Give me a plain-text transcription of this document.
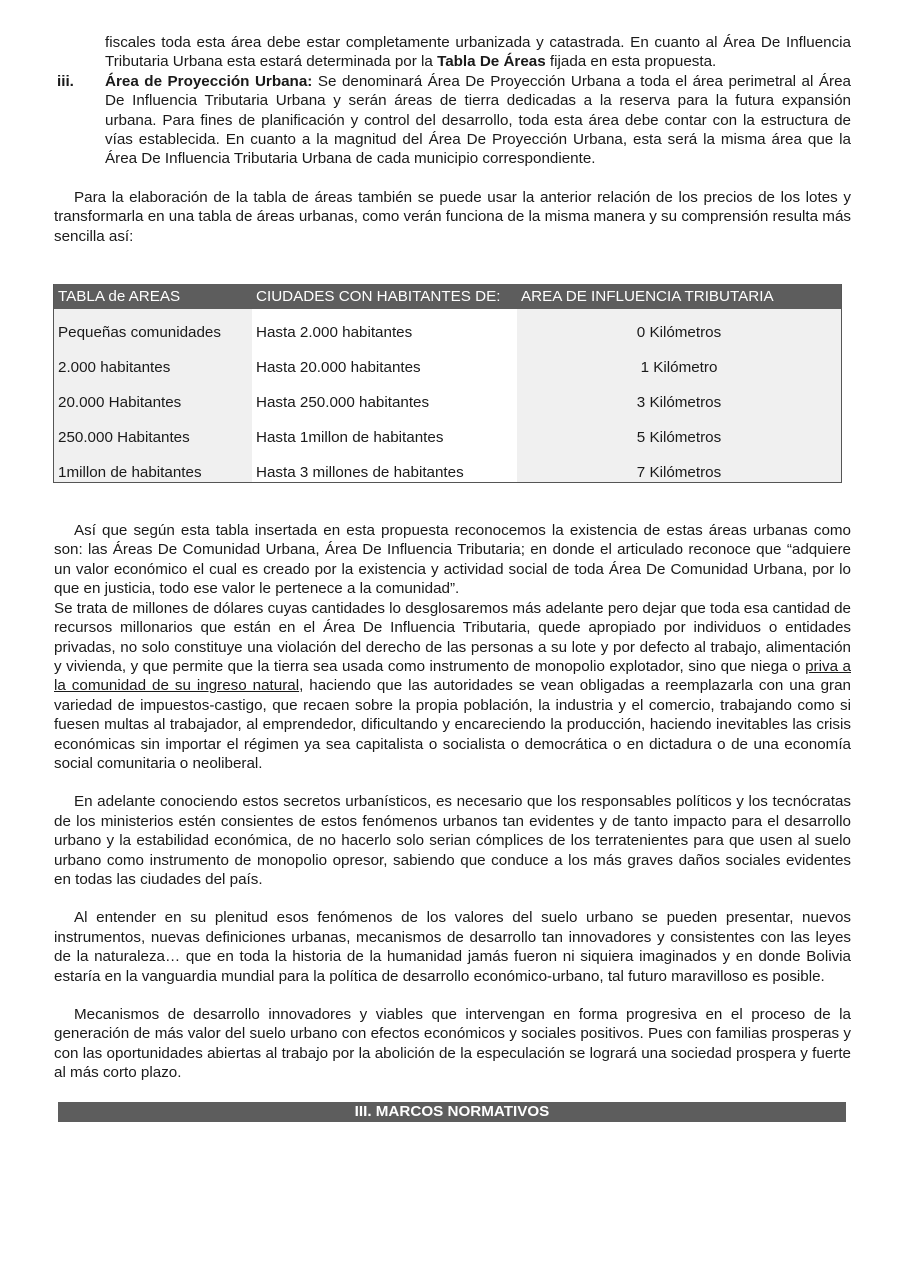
fiscales toda esta área debe estar completamente urbanizada y catastrada. En cuanto al Área De Influencia Tributaria Urbana esta estará determinada por la Tabla De Áreas fijada en esta propuesta.

iii. Área de Proyección Urbana: Se denominará Área De Proyección Urbana a toda el área perimetral al Área De Influencia Tributaria Urbana y serán áreas de tierra dedicadas a la reserva para la futura expansión urbana. Para fines de planificación y control del desarrollo, toda esta área debe contar con la estructura de vías establecida. En cuanto a la magnitud del Área De Proyección Urbana, esta será la misma área que la Área De Influencia Tributaria Urbana de cada municipio correspondiente.

Para la elaboración de la tabla de áreas también se puede usar la anterior relación de los precios de los lotes y transformarla en una tabla de áreas urbanas, como verán funciona de la misma manera y su comprensión resulta más sencilla así:

TABLA de AREAS	CIUDADES CON HABITANTES DE:	AREA DE INFLUENCIA TRIBUTARIA
Pequeñas comunidades	Hasta 2.000 habitantes	0 Kilómetros
2.000 habitantes	Hasta 20.000 habitantes	1 Kilómetro
20.000 Habitantes	Hasta 250.000 habitantes	3 Kilómetros
250.000 Habitantes	Hasta 1millon de habitantes	5 Kilómetros
1millon de habitantes	Hasta 3 millones de habitantes	7 Kilómetros

Así que según esta tabla insertada en esta propuesta reconocemos la existencia de estas áreas urbanas como son: las Áreas De Comunidad Urbana, Área De Influencia Tributaria; en donde el articulado reconoce que “adquiere un valor económico el cual es creado por la existencia y actividad social de toda Área De Comunidad Urbana, por lo que en justicia, todo ese valor le pertenece a la comunidad”.

Se trata de millones de dólares cuyas cantidades lo desglosaremos más adelante pero dejar que toda esa cantidad de recursos millonarios que están en el Área De Influencia Tributaria, quede apropiado por individuos o entidades privadas, no solo constituye una violación del derecho de las personas a su lote y por defecto al trabajo, alimentación y vivienda, y que permite que la tierra sea usada como instrumento de monopolio explotador, sino que niega o priva a la comunidad de su ingreso natural, haciendo que las autoridades se vean obligadas a reemplazarla con una gran variedad de impuestos-castigo, que recaen sobre la propia población, la industria y el comercio, trabajando como si fuesen multas al trabajador, al emprendedor, dificultando y encareciendo la producción, haciendo inevitables las crisis económicas sin importar el régimen ya sea capitalista o socialista o democrática o en dictadura o de una economía social comunitaria o neoliberal.

En adelante conociendo estos secretos urbanísticos, es necesario que los responsables políticos y los tecnócratas de los ministerios estén consientes de estos fenómenos urbanos tan evidentes y de tanto impacto para el desarrollo urbano y la estabilidad económica, de no hacerlo solo serian cómplices de los terratenientes para que usen al suelo urbano como instrumento de monopolio opresor, sabiendo que conduce a los más graves daños sociales evidentes en todas las ciudades del país.

Al entender en su plenitud esos fenómenos de los valores del suelo urbano se pueden presentar, nuevos instrumentos, nuevas definiciones urbanas, mecanismos de desarrollo tan innovadores y consistentes con las leyes de la naturaleza… que en toda la historia de la humanidad jamás fueron ni siquiera imaginados y en donde Bolivia estaría en la vanguardia mundial para la política de desarrollo económico-urbano, tal futuro maravilloso es posible.

Mecanismos de desarrollo innovadores y viables que intervengan en forma progresiva en el proceso de la generación de más valor del suelo urbano con efectos económicos y sociales positivos. Pues con familias prosperas y con las oportunidades abiertas al trabajo por la abolición de la especulación se logrará una sociedad prospera y fuerte al más corto plazo.

III. MARCOS NORMATIVOS
